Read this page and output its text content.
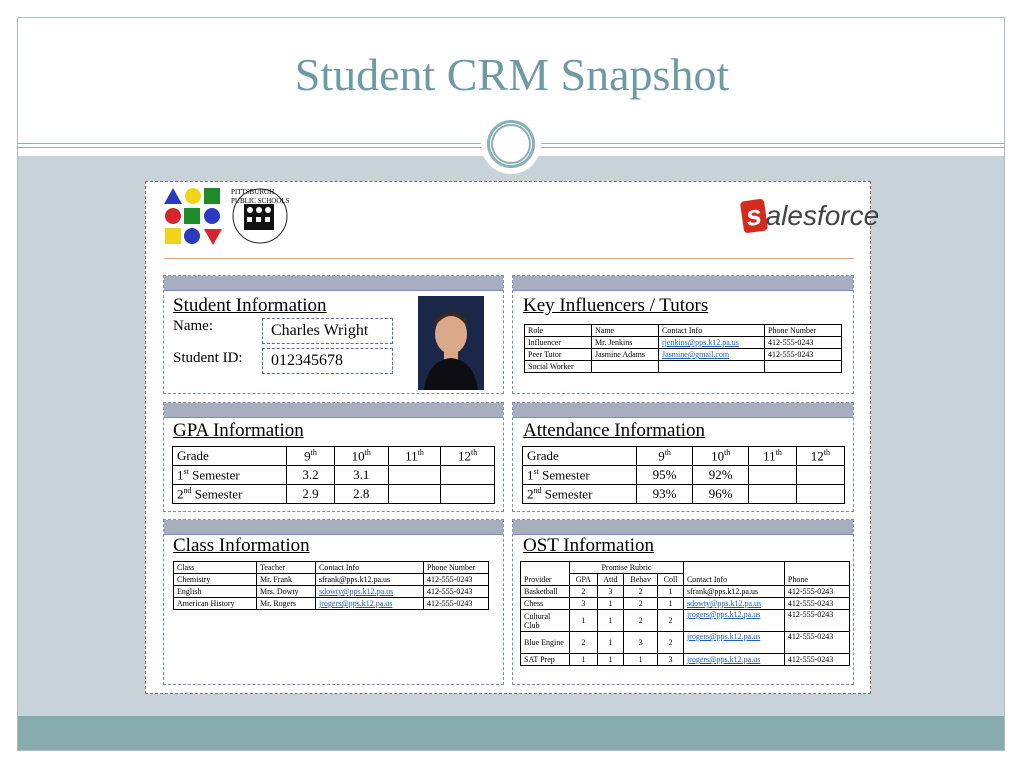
Student CRM Snapshot
PITTSBURGH PUBLIC SCHOOLS	salesforce
Student Information
Name:	Charles Wright
Student ID:	012345678
Key Influencers / Tutors
Role	Name	Contact Info	Phone Number
Influencer	Mr. Jenkins	rjenkins@pps.k12.pa.us	412-555-0243
Peer Tutor	Jasmine Adams	Jasmine@gmail.com	412-555-0243
Social Worker			
GPA Information
Grade	9th	10th	11th	12th
1st Semester	3.2	3.1		
2nd Semester	2.9	2.8		
Attendance Information
Grade	9th	10th	11th	12th
1st Semester	95%	92%		
2nd Semester	93%	96%		
Class Information
Class	Teacher	Contact Info	Phone Number
Chemistry	Mr. Frank	sfrank@pps.k12.pa.us	412-555-0243
English	Mrs. Dowty	sdowty@pps.k12.pa.us	412-555-0243
American History	Mr. Rogers	jrogers@pps.k12.pa.us	412-555-0243
OST Information
	Promise Rubric					
Provider	GPA	Attd	Behav	Coll	Contact Info	Phone
Basketball	2	3	2	1	sfrank@pps.k12.pa.us	412-555-0243
Chess	3	1	2	1	sdowty@pps.k12.pa.us	412-555-0243
Cultural Club	1	1	2	2	jrogers@pps.k12.pa.us	412-555-0243
Blue Engine	2	1	3	2	jrogers@pps.k12.pa.us	412-555-0243
SAT Prep	1	1	1	3	jrogers@pps.k12.pa.us	412-555-0243
